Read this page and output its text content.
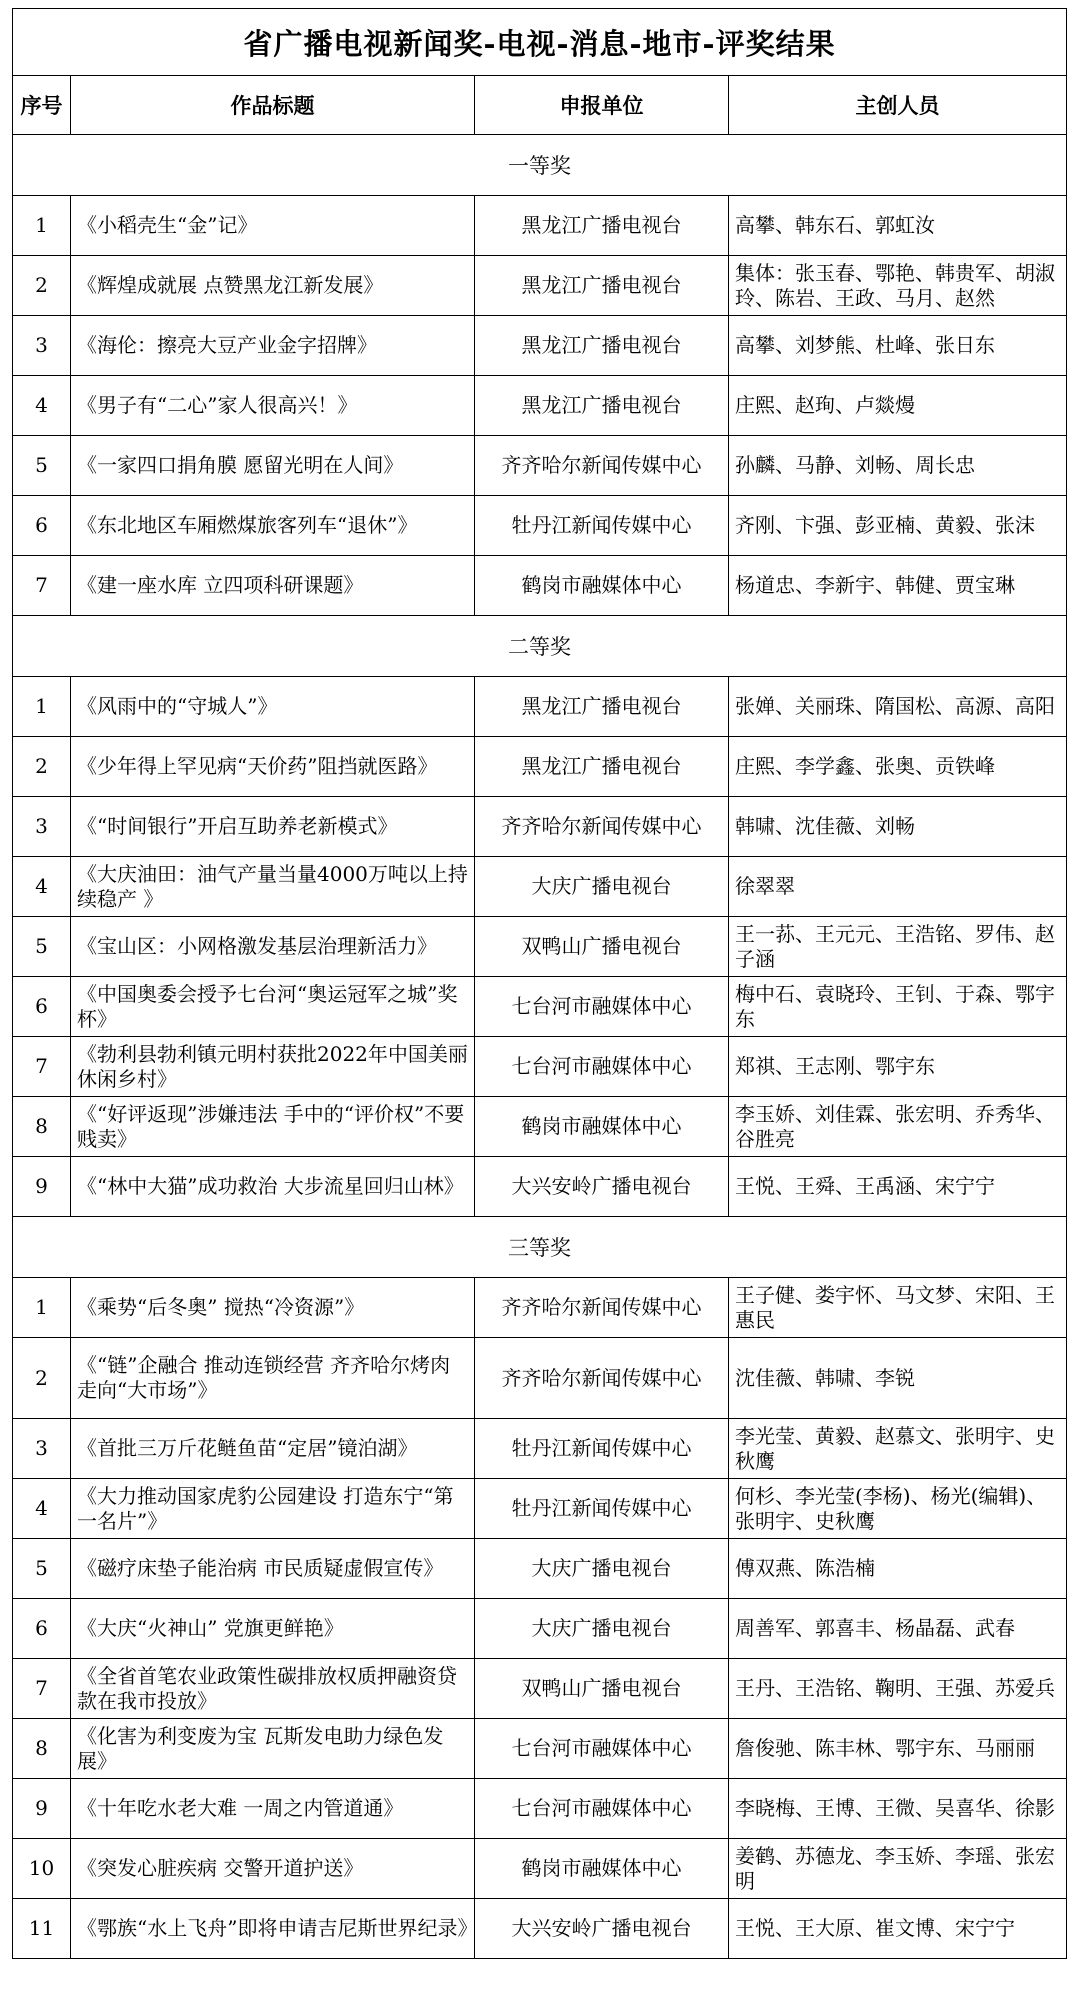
省广播电视新闻奖-电视-消息-地市-评奖结果			
序号	作品标题	申报单位	主创人员
一等奖			
1	《小稻壳生“金”记》	黑龙江广播电视台	高攀、韩东石、郭虹汝
2	《辉煌成就展 点赞黑龙江新发展》	黑龙江广播电视台	集体：张玉春、鄂艳、韩贵军、胡淑玲、陈岩、王政、马月、赵然
3	《海伦：擦亮大豆产业金字招牌》	黑龙江广播电视台	高攀、刘梦熊、杜峰、张日东
4	《男子有“二心”家人很高兴！》	黑龙江广播电视台	庄熙、赵珣、卢燚熳
5	《一家四口捐角膜 愿留光明在人间》	齐齐哈尔新闻传媒中心	孙麟、马静、刘畅、周长忠
6	《东北地区车厢燃煤旅客列车“退休”》	牡丹江新闻传媒中心	齐刚、卞强、彭亚楠、黄毅、张沫
7	《建一座水库 立四项科研课题》	鹤岗市融媒体中心	杨道忠、李新宇、韩健、贾宝琳
二等奖			
1	《风雨中的“守城人”》	黑龙江广播电视台	张婵、关丽珠、隋国松、高源、高阳
2	《少年得上罕见病“天价药”阻挡就医路》	黑龙江广播电视台	庄熙、李学鑫、张奥、贡铁峰
3	《“时间银行”开启互助养老新模式》	齐齐哈尔新闻传媒中心	韩啸、沈佳薇、刘畅
4	《大庆油田：油气产量当量4000万吨以上持续稳产 》	大庆广播电视台	徐翠翠
5	《宝山区：小网格激发基层治理新活力》	双鸭山广播电视台	王一荪、王元元、王浩铭、罗伟、赵子涵
6	《中国奥委会授予七台河“奥运冠军之城”奖杯》	七台河市融媒体中心	梅中石、袁晓玲、王钊、于森、鄂宇东
7	《勃利县勃利镇元明村获批2022年中国美丽休闲乡村》	七台河市融媒体中心	郑祺、王志刚、鄂宇东
8	《“好评返现”涉嫌违法 手中的“评价权”不要贱卖》	鹤岗市融媒体中心	李玉娇、刘佳霖、张宏明、乔秀华、谷胜亮
9	《“林中大猫”成功救治 大步流星回归山林》	大兴安岭广播电视台	王悦、王舜、王禹涵、宋宁宁
三等奖			
1	《乘势“后冬奥” 搅热“冷资源”》	齐齐哈尔新闻传媒中心	王子健、娄宇怀、马文梦、宋阳、王惠民
2	《“链”企融合 推动连锁经营 齐齐哈尔烤肉走向“大市场”》	齐齐哈尔新闻传媒中心	沈佳薇、韩啸、李锐
3	《首批三万斤花鲢鱼苗“定居”镜泊湖》	牡丹江新闻传媒中心	李光莹、黄毅、赵慕文、张明宇、史秋鹰
4	《大力推动国家虎豹公园建设 打造东宁“第一名片”》	牡丹江新闻传媒中心	何杉、李光莹(李杨)、杨光(编辑)、张明宇、史秋鹰
5	《磁疗床垫子能治病 市民质疑虚假宣传》	大庆广播电视台	傅双燕、陈浩楠
6	《大庆“火神山” 党旗更鲜艳》	大庆广播电视台	周善军、郭喜丰、杨晶磊、武春
7	《全省首笔农业政策性碳排放权质押融资贷款在我市投放》	双鸭山广播电视台	王丹、王浩铭、鞠明、王强、苏爱兵
8	《化害为利变废为宝 瓦斯发电助力绿色发展》	七台河市融媒体中心	詹俊驰、陈丰林、鄂宇东、马丽丽
9	《十年吃水老大难 一周之内管道通》	七台河市融媒体中心	李晓梅、王博、王微、吴喜华、徐影
10	《突发心脏疾病 交警开道护送》	鹤岗市融媒体中心	姜鹤、苏德龙、李玉娇、李瑶、张宏明
11	《鄂族“水上飞舟”即将申请吉尼斯世界纪录》	大兴安岭广播电视台	王悦、王大原、崔文博、宋宁宁
